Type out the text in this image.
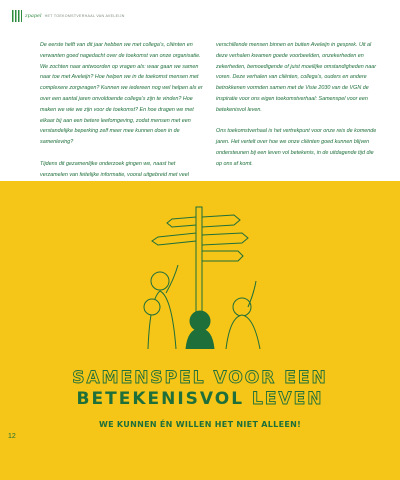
zpapel HET TOEKOMSTVERHAAL VAN AVELEIJN

De eerste helft van dit jaar hebben we met collega’s, cliënten en verwanten goed nagedacht over de toekomst van onze organisatie. We zochten naar antwoorden op vragen als: waar gaan we samen naar toe met Aveleijn? Hoe helpen we in de toekomst mensen met complexere zorgvragen? Kunnen we iedereen nog wel helpen als er over een aantal jaren onvoldoende collega’s zijn te vinden? Hoe maken we wie we zijn voor de toekomst? En hoe dragen we met elkaar bij aan een betere leefomgeving, zodat mensen met een verstandelijke beperking zelf meer mee kunnen doen in de samenleving?

Tijdens dit gezamenlijke onderzoek gingen we, naast het verzamelen van feitelijke informatie, vooral uitgebreid met veel

verschillende mensen binnen en buiten Aveleijn in gesprek. Uit al deze verhalen kwamen goede voorbeelden, onzekerheden en zekerheden, bemoedigende of juist moeilijke omstandigheden naar voren. Deze verhalen van cliënten, collega’s, ouders en andere betrokkenen vormden samen met de Visie 2030 van de VGN de inspiratie voor ons eigen toekomstverhaal: Samenspel voor een betekenisvol leven.

Ons toekomstverhaal is het vertrekpunt voor onze reis de komende jaren. Het vertelt over hoe we onze cliënten goed kunnen blijven ondersteunen bij een leven vol betekenis, in de uitdagende tijd die op ons af komt.

SAMENSPEL VOOR EEN
BETEKENISVOL LEVEN
WE KUNNEN ÉN WILLEN HET NIET ALLEEN!
12
